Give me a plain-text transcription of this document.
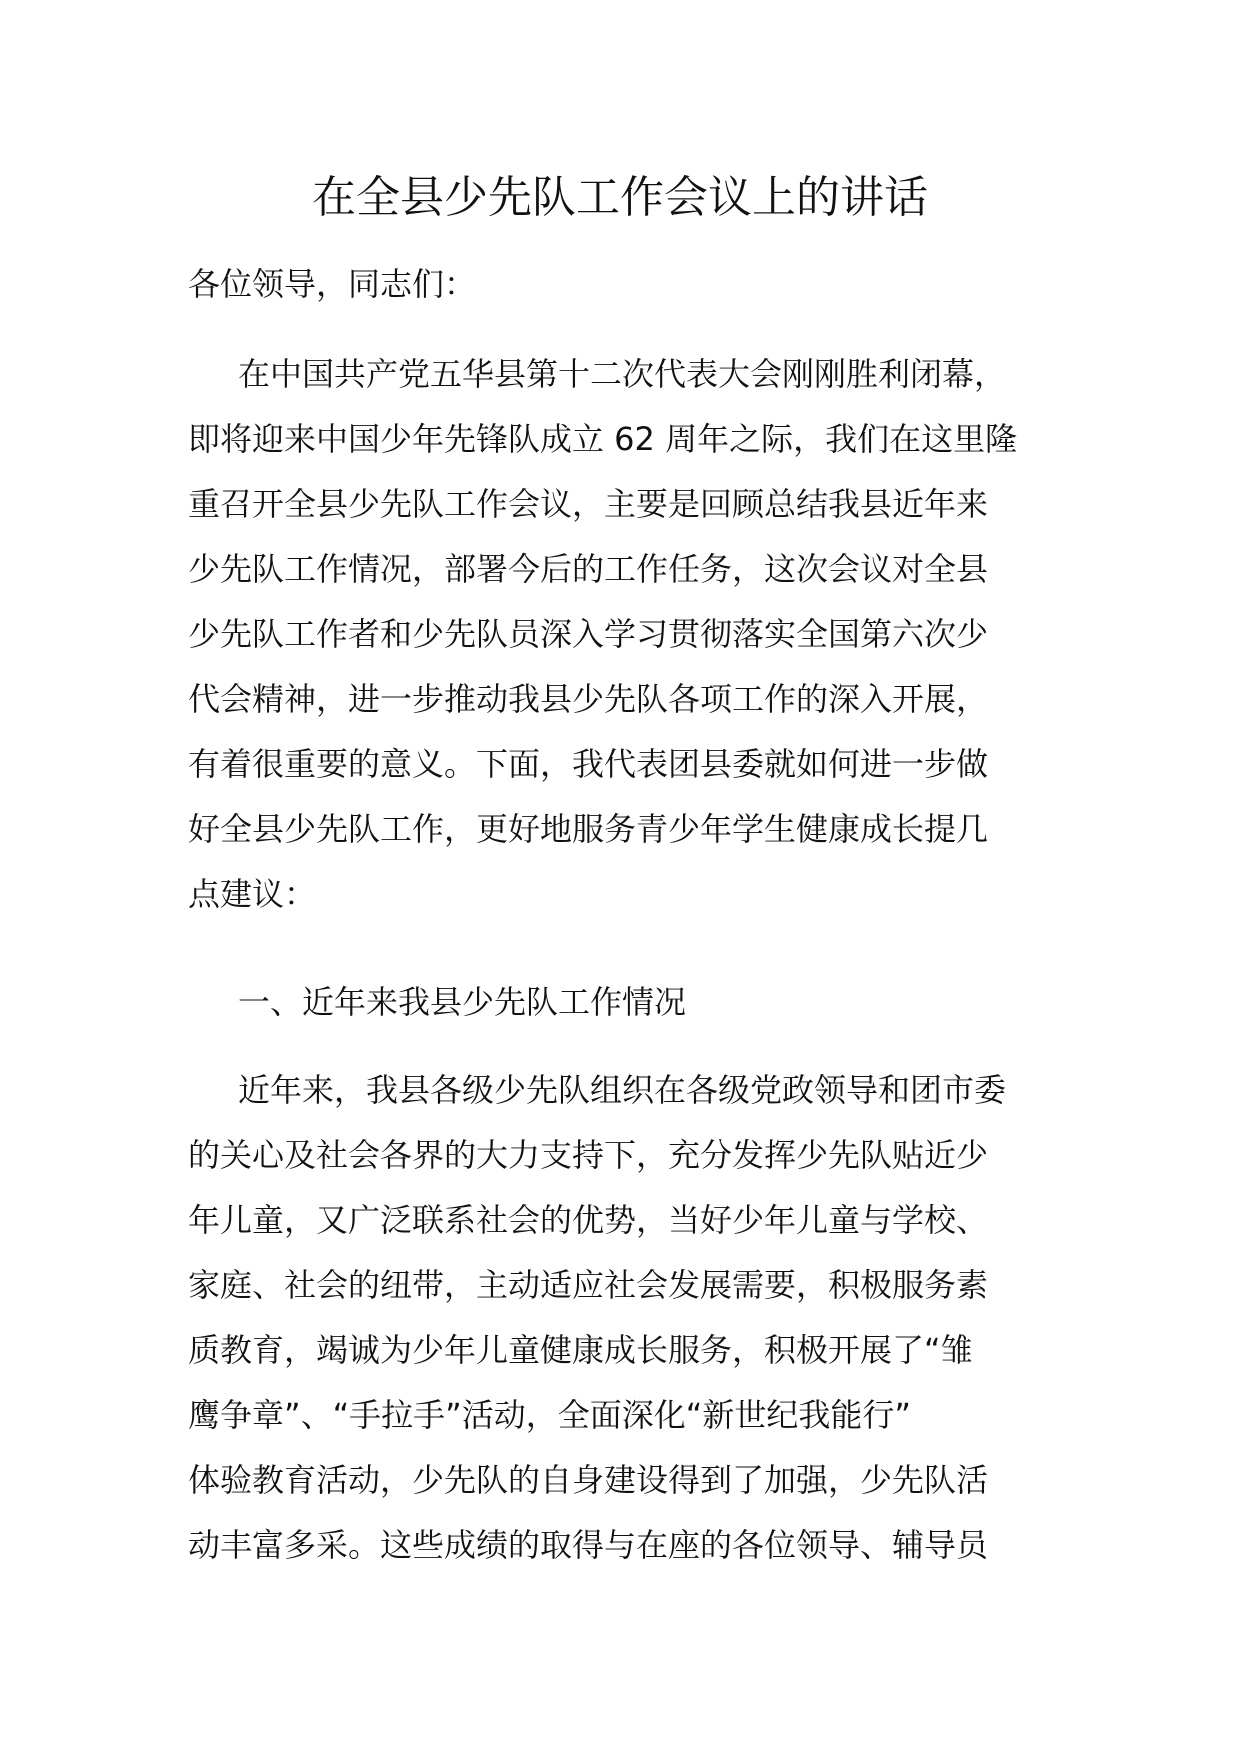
在全县少先队工作会议上的讲话
各位领导，同志们：
在中国共产党五华县第十二次代表大会刚刚胜利闭幕，
即将迎来中国少年先锋队成立 62 周年之际，我们在这里隆
重召开全县少先队工作会议，主要是回顾总结我县近年来
少先队工作情况，部署今后的工作任务，这次会议对全县
少先队工作者和少先队员深入学习贯彻落实全国第六次少
代会精神，进一步推动我县少先队各项工作的深入开展，
有着很重要的意义。下面，我代表团县委就如何进一步做
好全县少先队工作，更好地服务青少年学生健康成长提几
点建议：
一、近年来我县少先队工作情况
近年来，我县各级少先队组织在各级党政领导和团市委
的关心及社会各界的大力支持下，充分发挥少先队贴近少
年儿童，又广泛联系社会的优势，当好少年儿童与学校、
家庭、社会的纽带，主动适应社会发展需要，积极服务素
质教育，竭诚为少年儿童健康成长服务，积极开展了“雏
鹰争章”、“手拉手”活动，全面深化“新世纪我能行”
体验教育活动，少先队的自身建设得到了加强，少先队活
动丰富多采。这些成绩的取得与在座的各位领导、辅导员
